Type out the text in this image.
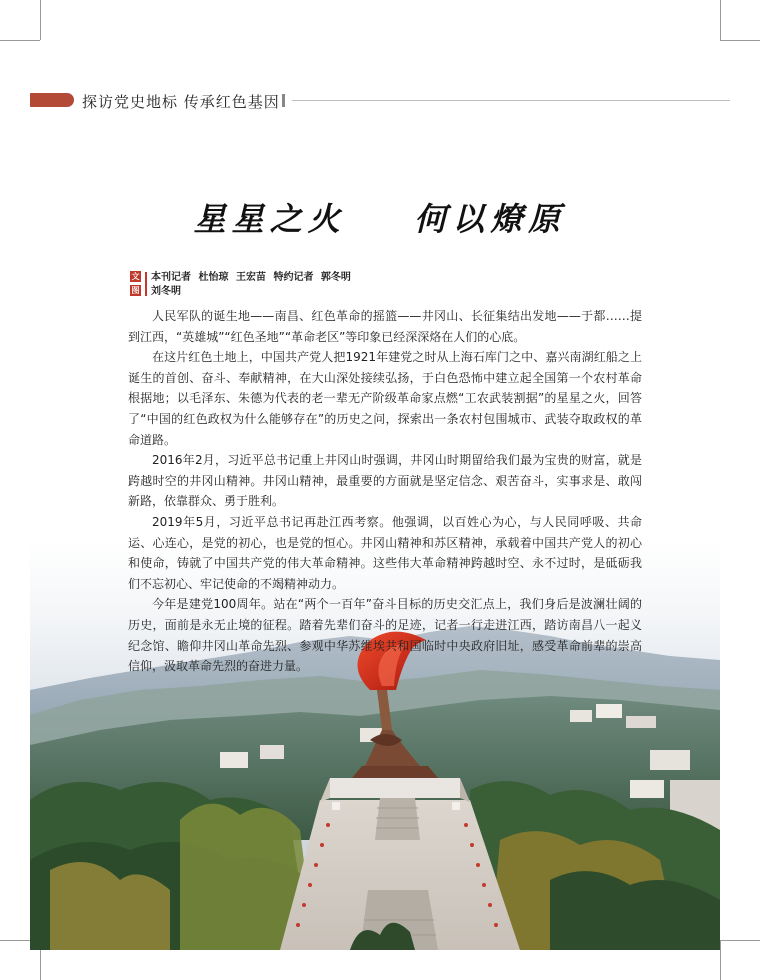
探访党史地标 传承红色基因
星星之火    何以燎原
文
图
本刊记者 杜怡琼 王宏苗 特约记者 郭冬明
刘冬明

人民军队的诞生地——南昌、红色革命的摇篮——井冈山、长征集结出发地——于都……提到江西，“英雄城”“红色圣地”“革命老区”等印象已经深深烙在人们的心底。

在这片红色土地上，中国共产党人把1921年建党之时从上海石库门之中、嘉兴南湖红船之上诞生的首创、奋斗、奉献精神，在大山深处接续弘扬，于白色恐怖中建立起全国第一个农村革命根据地；以毛泽东、朱德为代表的老一辈无产阶级革命家点燃“工农武装割据”的星星之火，回答了“中国的红色政权为什么能够存在”的历史之问，探索出一条农村包围城市、武装夺取政权的革命道路。

2016年2月，习近平总书记重上井冈山时强调，井冈山时期留给我们最为宝贵的财富，就是跨越时空的井冈山精神。井冈山精神，最重要的方面就是坚定信念、艰苦奋斗，实事求是、敢闯新路，依靠群众、勇于胜利。

2019年5月，习近平总书记再赴江西考察。他强调，以百姓心为心，与人民同呼吸、共命运、心连心，是党的初心，也是党的恒心。井冈山精神和苏区精神，承载着中国共产党人的初心和使命，铸就了中国共产党的伟大革命精神。这些伟大革命精神跨越时空、永不过时，是砥砺我们不忘初心、牢记使命的不竭精神动力。

今年是建党100周年。站在“两个一百年”奋斗目标的历史交汇点上，我们身后是波澜壮阔的历史，面前是永无止境的征程。踏着先辈们奋斗的足迹，记者一行走进江西，踏访南昌八一起义纪念馆、瞻仰井冈山革命先烈、参观中华苏维埃共和国临时中央政府旧址，感受革命前辈的崇高信仰，汲取革命先烈的奋进力量。
